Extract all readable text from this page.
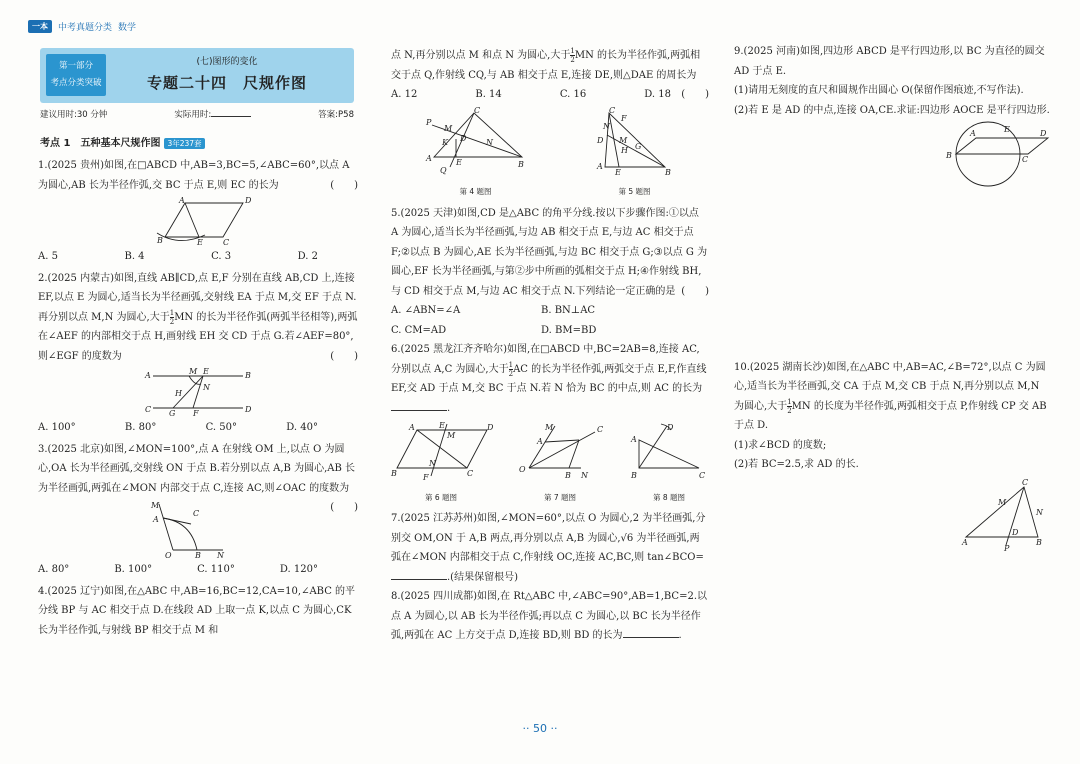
一本	中考真题分类 数学
第一部分
考点分类突破
(七)图形的变化
专题二十四　尺规作图
建议用时:30 分钟	实际用时:	答案:P58
考点 1　五种基本尺规作图 3年237套

1.(2025 贵州)如图,在□ABCD 中,AB=3,BC=5,∠ABC=60°,以点 A 为圆心,AB 长为半径作弧,交 BC 于点 E,则 EC 的长为	(　　)

A	D
B	E	C
A. 5	B. 4	C. 3	D. 2

2.(2025 内蒙古)如图,直线 AB∥CD,点 E,F 分别在直线 AB,CD 上,连接 EF,以点 E 为圆心,适当长为半径画弧,交射线 EA 于点 M,交 EF 于点 N.再分别以点 M,N 为圆心,大于 $\frac{1}{2}$ MN 的长为半径作弧(两弧半径相等),两弧在∠AEF 的内部相交于点 H,画射线 EH 交 CD 于点 G.若∠AEF=80°,则∠EGF 的度数为	(　　)

A	M E	B
N
H
C G F	D
A. 100°	B. 80°	C. 50°	D. 40°

3.(2025 北京)如图,∠MON=100°,点 A 在射线 OM 上,以点 O 为圆心,OA 长为半径画弧,交射线 ON 于点 B.若分别以点 A,B 为圆心,AB 长为半径画弧,两弧在∠MON 内部交于点 C,连接 AC,则∠OAC 的度数为
(　　)

M
A
C
O	B N
A. 80°	B. 100°	C. 110°	D. 120°

4.(2025 辽宁)如图,在△ABC 中,AB=16,BC=12,CA=10,∠ABC 的平分线 BP 与 AC 相交于点 D.在线段 AD 上取一点 K,以点 C 为圆心,CK 长为半径作弧,与射线 BP 相交于点 M 和

点 N,再分别以点 M 和点 N 为圆心,大于 $\frac{1}{2}$ MN 的长为半径作弧,两弧相交于点 Q,作射线 CQ,与 AB 相交于点 E,连接 DE,则△DAE 的周长为
(　　)

A. 12	B. 14	C. 16	D. 18
C
P
M
K D N
A	E	B
Q
第 4 题图
C
F
D M
H
A
G
N
B
E
第 5 题图

5.(2025 天津)如图,CD 是△ABC 的角平分线.按以下步骤作图:①以点 A 为圆心,适当长为半径画弧,与边 AB 相交于点 E,与边 AC 相交于点 F;②以点 B 为圆心,AE 长为半径画弧,与边 BC 相交于点 G;③以点 G 为圆心,EF 长为半径画弧,与第②步中所画的弧相交于点 H;④作射线 BH,与 CD 相交于点 M,与边 AC 相交于点 N.下列结论一定正确的是 (　　)

A. ∠ABN=∠A	B. BN⊥AC
C. CM=AD	D. BM=BD

6.(2025 黑龙江齐齐哈尔)如图,在□ABCD 中,BC=2AB=8,连接 AC,分别以点 A,C 为圆心,大于 $\frac{1}{2}$ AC 的长为半径作弧,两弧交于点 E,F,作直线 EF,交 AD 于点 M,交 BC 于点 N.若 N 恰为 BC 的中点,则 AC 的长为.

A	E
M
D
B
N
C
F
第 6 题图
M
A
C
O
B N
第 7 题图
D
A
B	C
第 8 题图

7.(2025 江苏苏州)如图,∠MON=60°,以点 O 为圆心,2 为半径画弧,分别交 OM,ON 于 A,B 两点,再分别以点 A,B 为圆心,√6 为半径画弧,两弧在∠MON 内部相交于点 C,作射线 OC,连接 AC,BC,则 tan∠BCO=.(结果保留根号)

8.(2025 四川成都)如图,在 Rt△ABC 中,∠ABC=90°,AB=1,BC=2.以点 A 为圆心,以 AB 长为半径作弧;再以点 C 为圆心,以 BC 长为半径作弧,两弧在 AC 上方交于点 D,连接 BD,则 BD 的长为	.

9.(2025 河南)如图,四边形 ABCD 是平行四边形,以 BC 为直径的圆交 AD 于点 E.

(1)请用无刻度的直尺和圆规作出圆心 O(保留作图痕迹,不写作法).

(2)若 E 是 AD 的中点,连接 OA,CE.求证:四边形 AOCE 是平行四边形.

A	E	D
B	C

10.(2025 湖南长沙)如图,在△ABC 中,AB=AC,∠B=72°,以点 C 为圆心,适当长为半径画弧,交 CA 于点 M,交 CB 于点 N,再分别以点 M,N 为圆心,大于 $\frac{1}{2}$ MN 的长度为半径作弧,两弧相交于点 P,作射线 CP 交 AB 于点 D.

(1)求∠BCD 的度数;

(2)若 BC=2.5,求 AD 的长.

C
M
N
A
D
B
P
·· 50 ··
